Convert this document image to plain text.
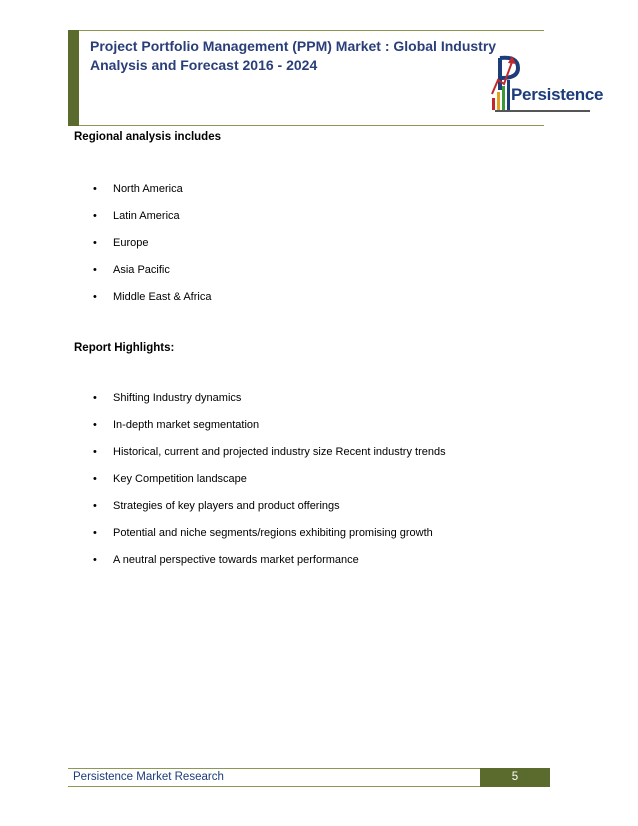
Project Portfolio Management (PPM) Market : Global Industry Analysis and Forecast 2016 - 2024
Persistence
Regional analysis includes
• North America
• Latin America
• Europe
• Asia Pacific
• Middle East & Africa
Report Highlights:
• Shifting Industry dynamics
• In-depth market segmentation
• Historical, current and projected industry size Recent industry trends
• Key Competition landscape
• Strategies of key players and product offerings
• Potential and niche segments/regions exhibiting promising growth
• A neutral perspective towards market performance
Persistence Market Research	5
